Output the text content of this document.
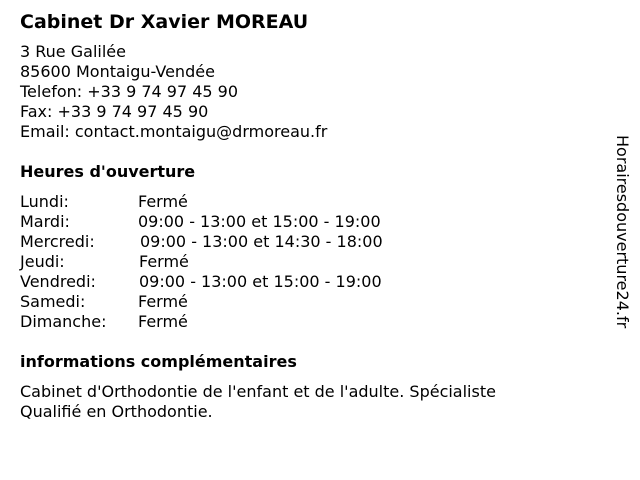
Cabinet Dr Xavier MOREAU
3 Rue Galilée
85600 Montaigu-Vendée
Telefon: +33 9 74 97 45 90
Fax: +33 9 74 97 45 90
Email: contact.montaigu@drmoreau.fr
Heures d'ouverture
Lundi:	Fermé
Mardi:	09:00 - 13:00 et 15:00 - 19:00
Mercredi:	09:00 - 13:00 et 14:30 - 18:00
Jeudi:	Fermé
Vendredi:	09:00 - 13:00 et 15:00 - 19:00
Samedi:	Fermé
Dimanche: Fermé
informations complémentaires
Cabinet d'Orthodontie de l'enfant et de l'adulte. Spécialiste Qualifié en Orthodontie.
Horairesdouverture24.fr
